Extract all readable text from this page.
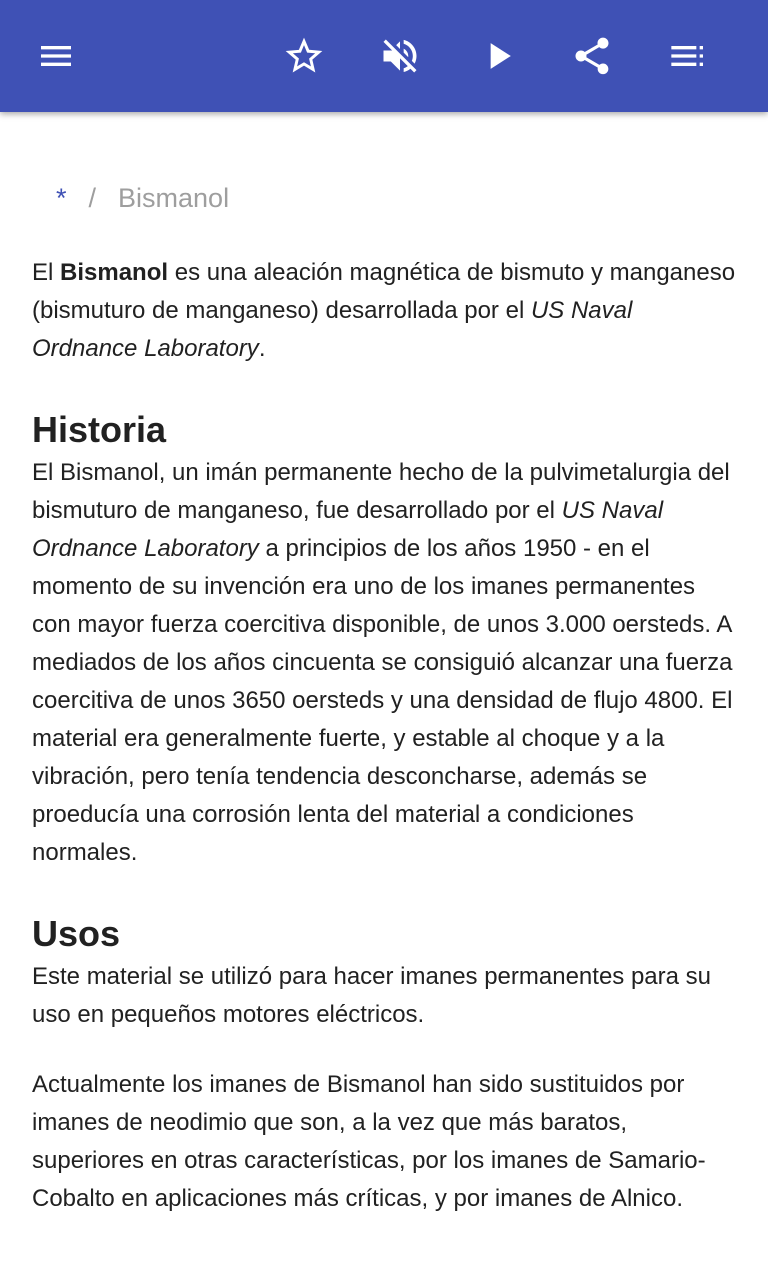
* / Bismanol

El Bismanol es una aleación magnética de bismuto y manganeso (bismuturo de manganeso) desarrollada por el US Naval Ordnance Laboratory.

Historia

El Bismanol, un imán permanente hecho de la pulvimetalurgia del bismuturo de manganeso, fue desarrollado por el US Naval Ordnance Laboratory a principios de los años 1950 - en el momento de su invención era uno de los imanes permanentes con mayor fuerza coercitiva disponible, de unos 3.000 oersteds. A mediados de los años cincuenta se consiguió alcanzar una fuerza coercitiva de unos 3650 oersteds y una densidad de flujo 4800. El material era generalmente fuerte, y estable al choque y a la vibración, pero tenía tendencia desconcharse, además se proeducía una corrosión lenta del material a condiciones normales.

Usos

Este material se utilizó para hacer imanes permanentes para su uso en pequeños motores eléctricos.

Actualmente los imanes de Bismanol han sido sustituidos por imanes de neodimio que son, a la vez que más baratos, superiores en otras características, por los imanes de Samario-Cobalto en aplicaciones más críticas, y por imanes de Alnico.
